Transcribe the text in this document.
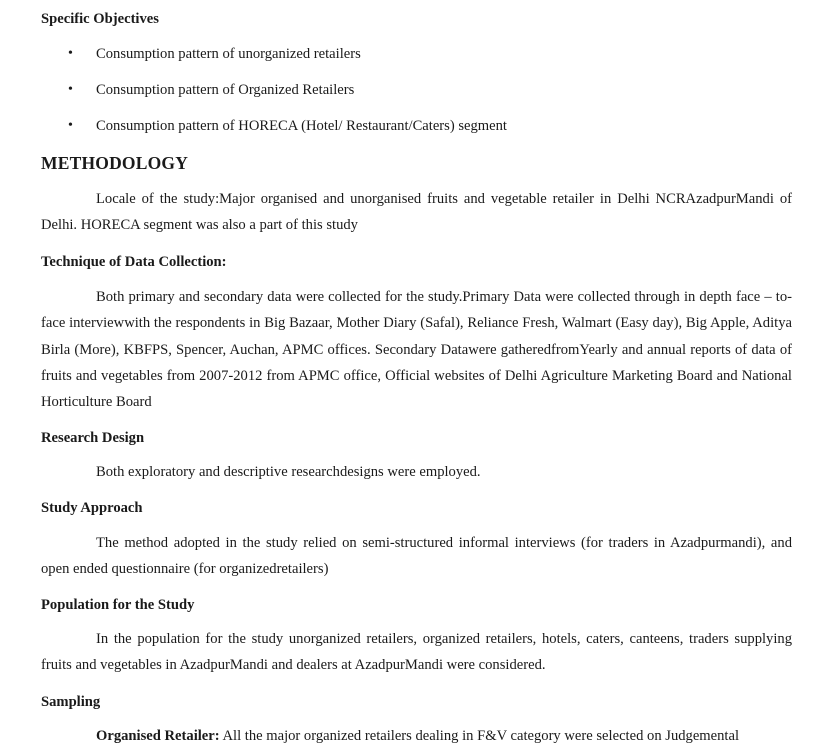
Specific Objectives
• Consumption pattern of unorganized retailers
• Consumption pattern of Organized Retailers
• Consumption pattern of HORECA (Hotel/ Restaurant/Caters) segment
METHODOLOGY
Locale of the study:Major organised and unorganised fruits and vegetable retailer in Delhi NCRAzadpurMandi of Delhi. HORECA segment was also a part of this study
Technique of Data Collection:
Both primary and secondary data were collected for the study.Primary Data were collected through in depth face – to- face interviewwith the respondents in Big Bazaar, Mother Diary (Safal), Reliance Fresh, Walmart (Easy day), Big Apple, Aditya Birla (More), KBFPS, Spencer, Auchan, APMC offices. Secondary Datawere gatheredfromYearly and annual reports of data of fruits and vegetables from 2007-2012 from APMC office, Official websites of Delhi Agriculture Marketing Board and National Horticulture Board
Research Design
Both exploratory and descriptive researchdesigns were employed.
Study Approach
The method adopted in the study relied on semi-structured informal interviews (for traders in Azadpurmandi), and open ended questionnaire (for organizedretailers)
Population for the Study
In the population for the study unorganized retailers, organized retailers, hotels, caters, canteens, traders supplying fruits and vegetables in AzadpurMandi and dealers at AzadpurMandi were considered.
Sampling
Organised Retailer: All the major organized retailers dealing in F&V category were selected on Judgemental
